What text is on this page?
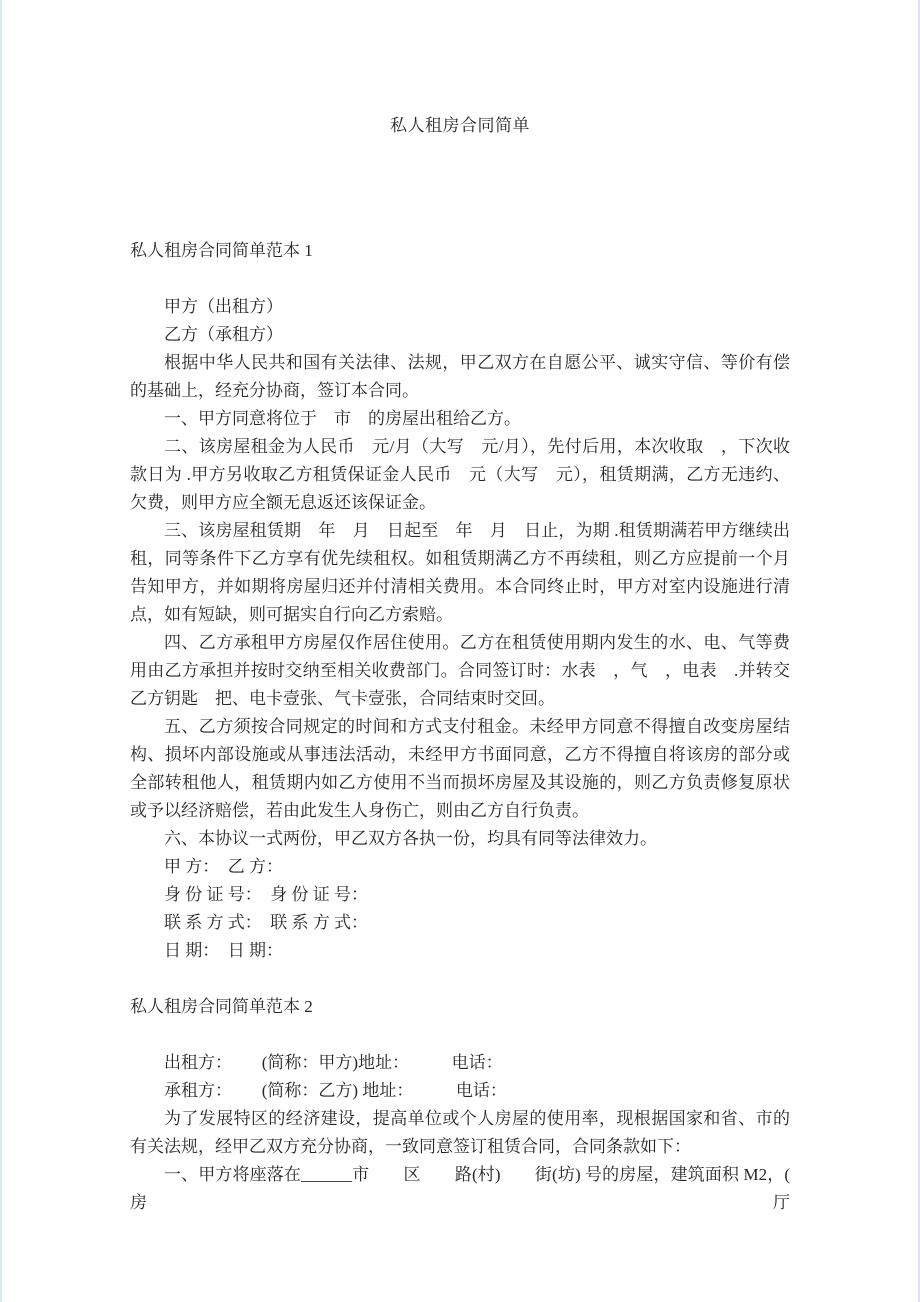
私人租房合同简单
私人租房合同简单范本 1

甲方（出租方）

乙方（承租方）

根据中华人民共和国有关法律、法规，甲乙双方在自愿公平、诚实守信、等价有偿的基础上，经充分协商，签订本合同。

一、甲方同意将位于　市　的房屋出租给乙方。

二、该房屋租金为人民币　元/月（大写　元/月），先付后用，本次收取　，下次收款日为 .甲方另收取乙方租赁保证金人民币　元（大写　元），租赁期满，乙方无违约、欠费，则甲方应全额无息返还该保证金。

三、该房屋租赁期　年　月　日起至　年　月　日止，为期 .租赁期满若甲方继续出租，同等条件下乙方享有优先续租权。如租赁期满乙方不再续租，则乙方应提前一个月告知甲方，并如期将房屋归还并付清相关费用。本合同终止时，甲方对室内设施进行清点，如有短缺，则可据实自行向乙方索赔。

四、乙方承租甲方房屋仅作居住使用。乙方在租赁使用期内发生的水、电、气等费用由乙方承担并按时交纳至相关收费部门。合同签订时：水表　，气　，电表　.并转交乙方钥匙　把、电卡壹张、气卡壹张，合同结束时交回。

五、乙方须按合同规定的时间和方式支付租金。未经甲方同意不得擅自改变房屋结构、损坏内部设施或从事违法活动，未经甲方书面同意，乙方不得擅自将该房的部分或全部转租他人，租赁期内如乙方使用不当而损坏房屋及其设施的，则乙方负责修复原状或予以经济赔偿，若由此发生人身伤亡，则由乙方自行负责。

六、本协议一式两份，甲乙双方各执一份，均具有同等法律效力。

甲 方：　乙 方：

身 份 证 号：　身 份 证 号：

联 系 方 式：　联 系 方 式：

日 期：　日 期：

私人租房合同简单范本 2

出租方：　　 (简称：甲方)地址：　　　电话：

承租方：　　 (简称：乙方) 地址：　　　电话：

为了发展特区的经济建设，提高单位或个人房屋的使用率，现根据国家和省、市的有关法规，经甲乙双方充分协商，一致同意签订租赁合同，合同条款如下：

一、甲方将座落在______市　　区　　路(村)　　街(坊) 号的房屋，建筑面积 M2，( 房　厅
